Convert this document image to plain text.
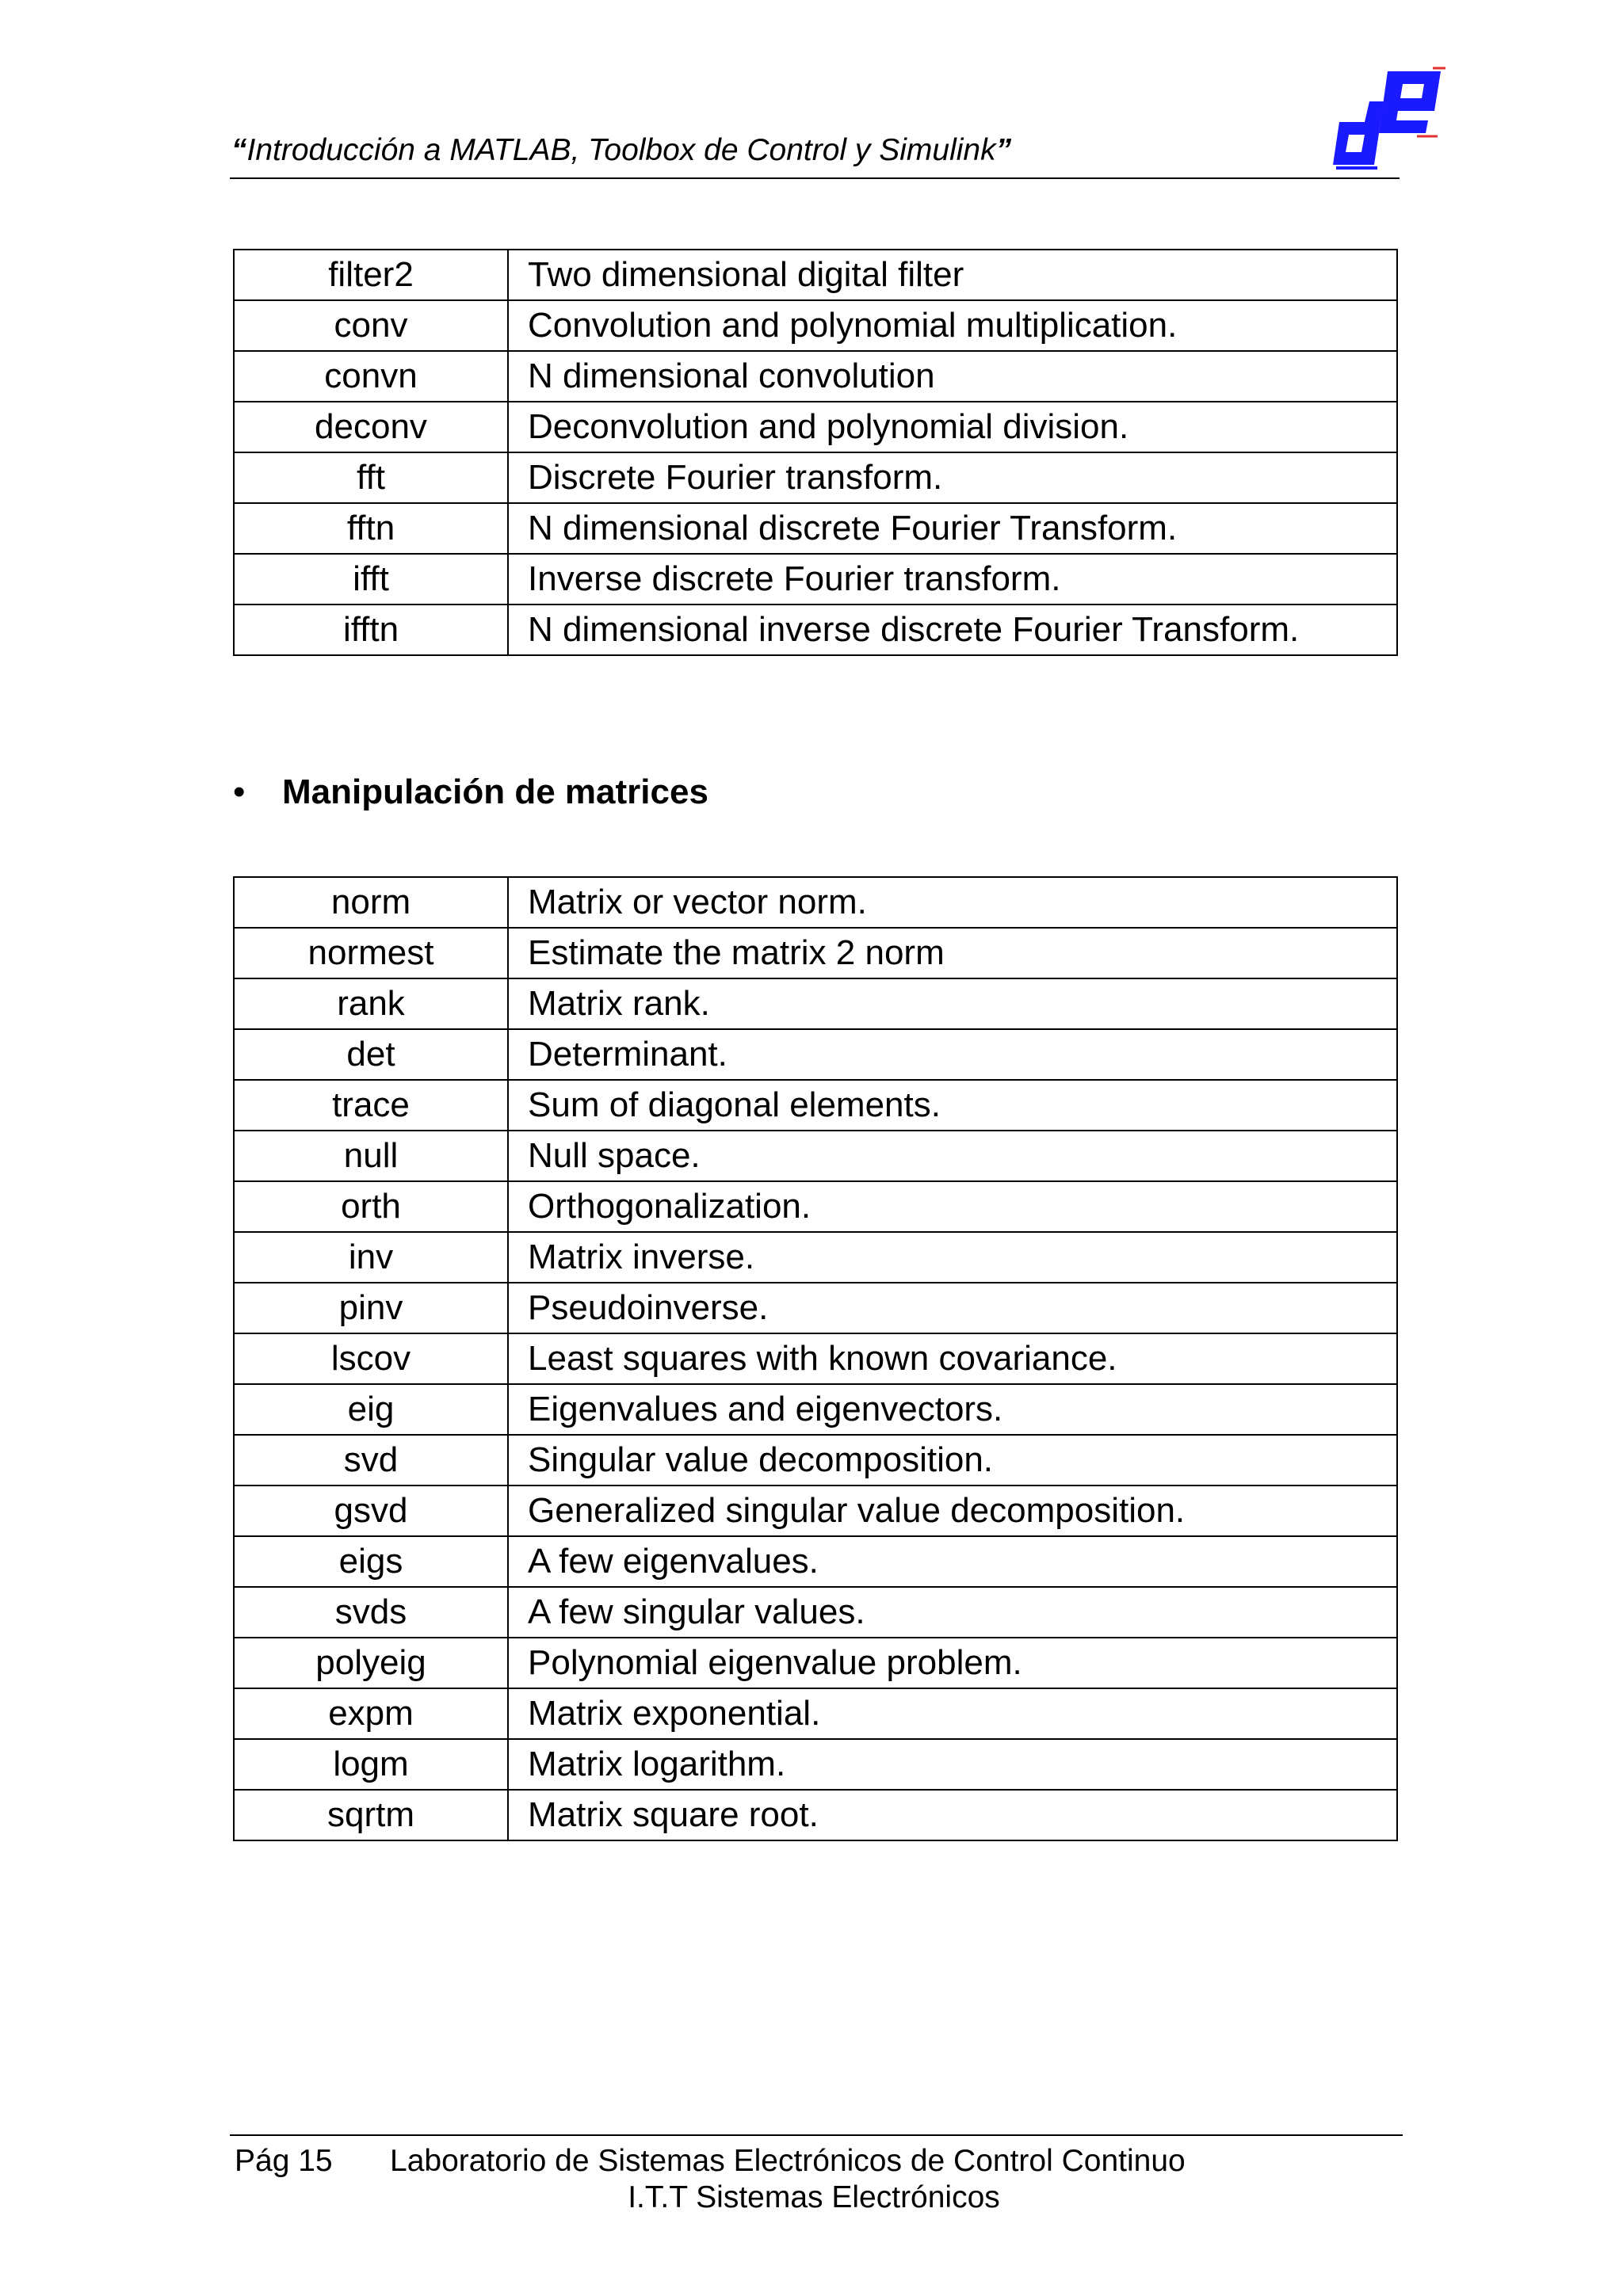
“Introducción a MATLAB, Toolbox de Control y Simulink”
filter2	Two dimensional digital filter
conv	Convolution and polynomial multiplication.
convn	N dimensional convolution
deconv	Deconvolution and polynomial division.
fft	Discrete Fourier transform.
fftn	N dimensional discrete Fourier Transform.
ifft	Inverse discrete Fourier transform.
ifftn	N dimensional inverse discrete Fourier Transform.
• Manipulación de matrices
norm	Matrix or vector norm.
normest	Estimate the matrix 2 norm
rank	Matrix rank.
det	Determinant.
trace	Sum of diagonal elements.
null	Null space.
orth	Orthogonalization.
inv	Matrix inverse.
pinv	Pseudoinverse.
lscov	Least squares with known covariance.
eig	Eigenvalues and eigenvectors.
svd	Singular value decomposition.
gsvd	Generalized singular value decomposition.
eigs	A few eigenvalues.
svds	A few singular values.
polyeig	Polynomial eigenvalue problem.
expm	Matrix exponential.
logm	Matrix logarithm.
sqrtm	Matrix square root.
Pág 15 Laboratorio de Sistemas Electrónicos de Control Continuo
I.T.T Sistemas Electrónicos
